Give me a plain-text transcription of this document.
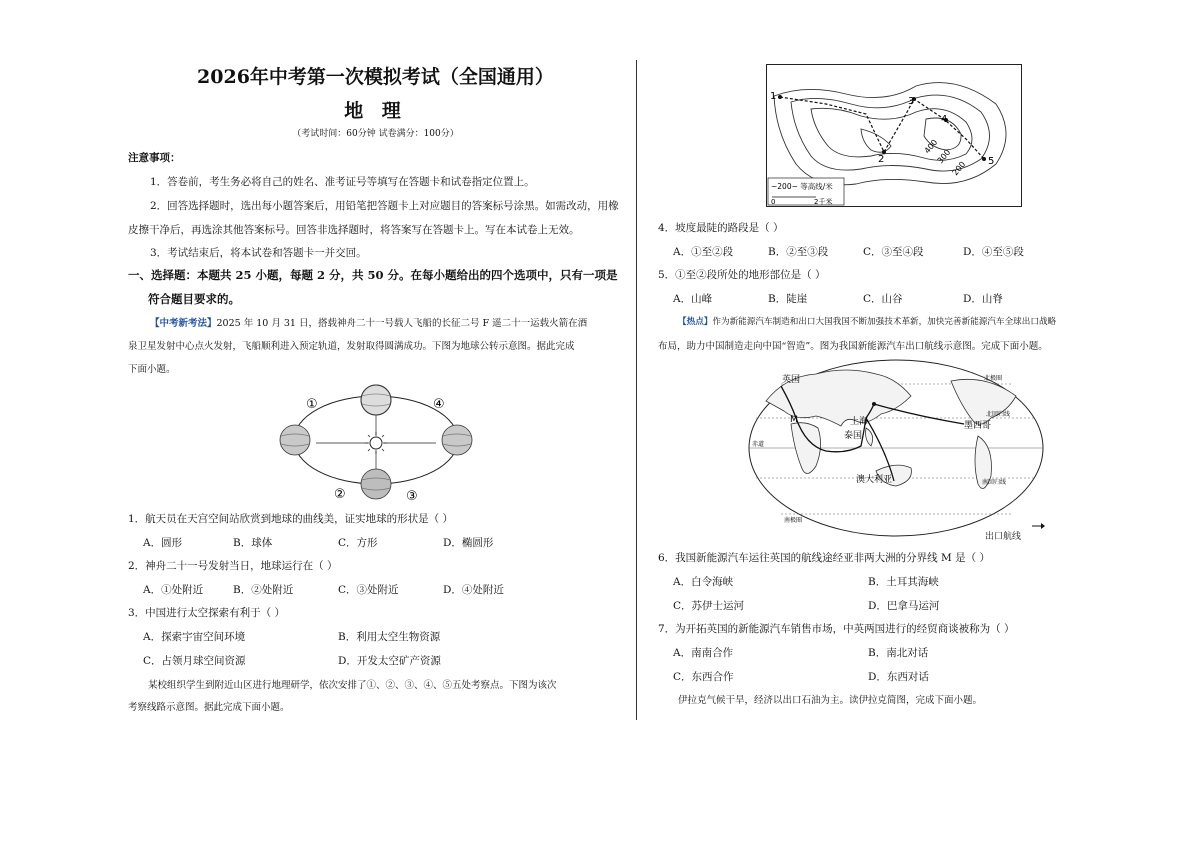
2026年中考第一次模拟考试（全国通用）
地 理
（考试时间：60分钟 试卷满分：100分）
注意事项：
1．答卷前，考生务必将自己的姓名、准考证号等填写在答题卡和试卷指定位置上。
2．回答选择题时，选出每小题答案后，用铅笔把答题卡上对应题目的答案标号涂黑。如需改动，用橡
皮擦干净后，再选涂其他答案标号。回答非选择题时，将答案写在答题卡上。写在本试卷上无效。
3．考试结束后，将本试卷和答题卡一并交回。
一、选择题：本题共 25 小题，每题 2 分，共 50 分。在每小题给出的四个选项中，只有一项是
符合题目要求的。
【中考新考法】2025 年 10 月 31 日，搭载神舟二十一号载人飞船的长征二号 F 遥二十一运载火箭在酒
泉卫星发射中心点火发射，飞船顺利进入预定轨道，发射取得圆满成功。下图为地球公转示意图。据此完成
下面小题。
①
②	③
④
1．航天员在天宫空间站欣赏到地球的曲线美，证实地球的形状是（ ）
A．圆形	B．球体	C．方形	D．椭圆形
2．神舟二十一号发射当日，地球运行在（ ）
A．①处附近	B．②处附近	C．③处附近	D．④处附近
3．中国进行太空探索有利于（ ）
A．探索宇宙空间环境	B．利用太空生物资源
C．占领月球空间资源	D．开发太空矿产资源
某校组织学生到附近山区进行地理研学，依次安排了①、②、③、④、⑤五处考察点。下图为该次
考察线路示意图。据此完成下面小题。
1
2
3
4
5
400
300
200
~200~ 等高线/米
0	2千米
4．坡度最陡的路段是（ ）
A．①至②段	B．②至③段	C．③至④段	D．④至⑤段
5．①至②段所处的地形部位是（ ）
A．山峰	B．陡崖	C．山谷	D．山脊
【热点】作为新能源汽车制造和出口大国我国不断加强技术革新，加快完善新能源汽车全球出口战略
布局，助力中国制造走向中国“智造”。图为我国新能源汽车出口航线示意图。完成下面小题。
英国
M	上海
泰国
墨西哥
澳大利亚
赤道
北回归线
南回归线
南极圈
北极圈
出口航线
6．我国新能源汽车运往英国的航线途经亚非两大洲的分界线 M 是（ ）
A．白令海峡	B．土耳其海峡
C．苏伊士运河	D．巴拿马运河
7．为开拓英国的新能源汽车销售市场，中英两国进行的经贸商谈被称为（ ）
A．南南合作	B．南北对话
C．东西合作	D．东西对话
伊拉克气候干旱，经济以出口石油为主。读伊拉克简图，完成下面小题。
